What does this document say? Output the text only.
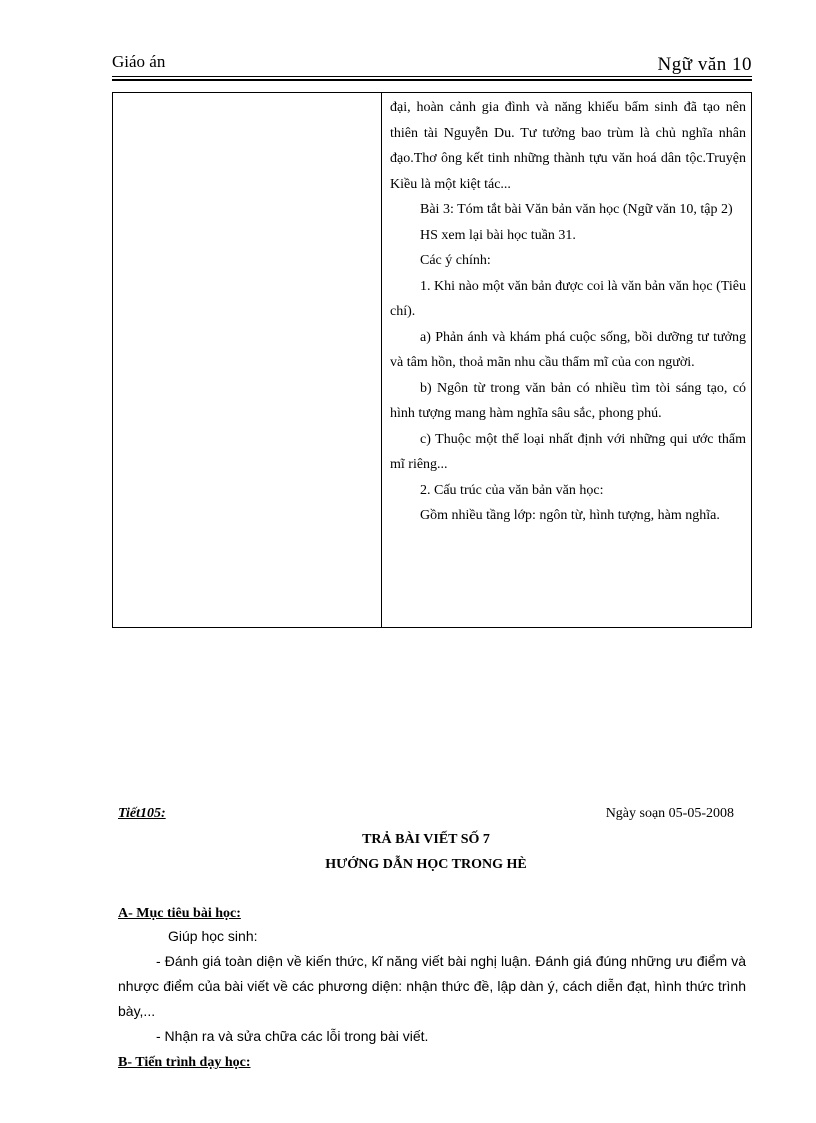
Giáo án	Ngữ văn 10

đại, hoàn cảnh gia đình và năng khiếu bẩm sinh đã tạo nên thiên tài Nguyễn Du. Tư tưởng bao trùm là chủ nghĩa nhân đạo.Thơ ông kết tinh những thành tựu văn hoá dân tộc.Truyện Kiều là một kiệt tác...

Bài 3: Tóm tắt bài Văn bản văn học (Ngữ văn 10, tập 2)

HS xem lại bài học tuần 31.

Các ý chính:

1. Khi nào một văn bản được coi là văn bản văn học (Tiêu chí).

a) Phản ánh và khám phá cuộc sống, bồi dưỡng tư tưởng và tâm hồn, thoả mãn nhu cầu thẩm mĩ của con người.

b) Ngôn từ trong văn bản có nhiều tìm tòi sáng tạo, có hình tượng mang hàm nghĩa sâu sắc, phong phú.

c) Thuộc một thể loại nhất định với những qui ước thẩm mĩ riêng...

2. Cấu trúc của văn bản văn học:

Gồm nhiều tầng lớp: ngôn từ, hình tượng, hàm nghĩa.

Tiết105:	Ngày soạn 05-05-2008
TRẢ BÀI VIẾT SỐ 7
HƯỚNG DẪN HỌC TRONG HÈ
A- Mục tiêu bài học:

Giúp học sinh:

- Đánh giá toàn diện về kiến thức, kĩ năng viết bài nghị luận. Đánh giá đúng những ưu điểm và nhược điểm của bài viết về các phương diện: nhận thức đề, lập dàn ý, cách diễn đạt, hình thức trình bày,...

- Nhận ra và sửa chữa các lỗi trong bài viết.

B- Tiến trình dạy học:
